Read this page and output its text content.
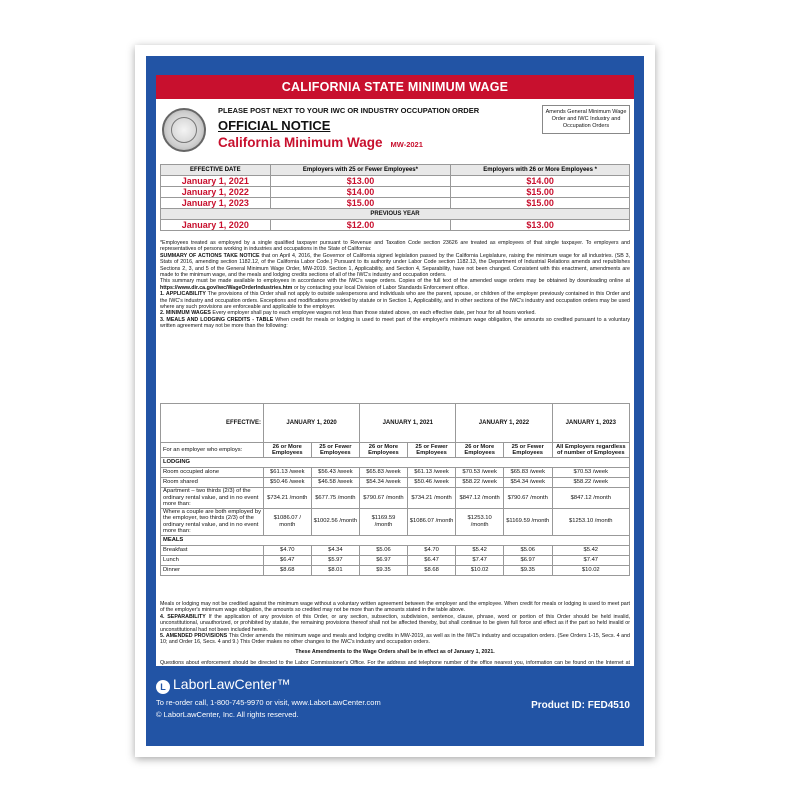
CALIFORNIA STATE MINIMUM WAGE
PLEASE POST NEXT TO YOUR IWC OR INDUSTRY OCCUPATION ORDER
OFFICIAL NOTICE
California Minimum Wage MW-2021
Amends General Minimum Wage Order and IWC Industry and Occupation Orders
EFFECTIVE DATE	Employers with 25 or Fewer Employees*	Employers with 26 or More Employees *
January 1, 2021	$13.00	$14.00
January 1, 2022	$14.00	$15.00
January 1, 2023	$15.00	$15.00
PREVIOUS YEAR		
January 1, 2020	$12.00	$13.00

*Employees treated as employed by a single qualified taxpayer pursuant to Revenue and Taxation Code section 23626 are treated as employees of that single taxpayer. To employers and representatives of persons working in industries and occupations in the State of California:

SUMMARY OF ACTIONS TAKE NOTICE that on April 4, 2016, the Governor of California signed legislation passed by the California Legislature, raising the minimum wage for all industries. (SB 3, Stats of 2016, amending section 1182.12, of the California Labor Code.) Pursuant to its authority under Labor Code section 1182.13, the Department of Industrial Relations amends and republishes Sections 2, 3, and 5 of the General Minimum Wage Order, MW-2019. Section 1, Applicability, and Section 4, Separability, have not been changed. Consistent with this enactment, amendments are made to the minimum wage, and the meals and lodging credits sections of all of the IWC's industry and occupation orders.

This summary must be made available to employees in accordance with the IWC's wage orders. Copies of the full text of the amended wage orders may be obtained by downloading online at https://www.dir.ca.gov/iwc/WageOrderIndustries.htm or by contacting your local Division of Labor Standards Enforcement office.

1. APPLICABILITY The provisions of this Order shall not apply to outside salespersons and individuals who are the parent, spouse, or children of the employer previously contained in this Order and the IWC's industry and occupation orders. Exceptions and modifications provided by statute or in Section 1, Applicability, and in other sections of the IWC's industry and occupation orders may be used where any such provisions are enforceable and applicable to the employer.

2. MINIMUM WAGES Every employer shall pay to each employee wages not less than those stated above, on each effective date, per hour for all hours worked.

3. MEALS AND LODGING CREDITS - TABLE When credit for meals or lodging is used to meet part of the employer's minimum wage obligation, the amounts so credited pursuant to a voluntary written agreement may not be more than the following:

EFFECTIVE:	JANUARY 1, 2020		JANUARY 1, 2021		JANUARY 1, 2022		JANUARY 1, 2023
For an employer who employs:	26 or More Employees	25 or Fewer Employees	26 or More Employees	25 or Fewer Employees	26 or More Employees	25 or Fewer Employees	All Employers regardless of number of Employees
LODGING							
Room occupied alone	$61.13 /week	$56.43 /week	$65.83 /week	$61.13 /week	$70.53 /week	$65.83 /week	$70.53 /week
Room shared	$50.46 /week	$46.58 /week	$54.34 /week	$50.46 /week	$58.22 /week	$54.34 /week	$58.22 /week
Apartment – two thirds (2/3) of the ordinary rental value, and in no event more than:	$734.21 /month	$677.75 /month	$790.67 /month	$734.21 /month	$847.12 /month	$790.67 /month	$847.12 /month
Where a couple are both employed by the employer, two thirds (2/3) of the ordinary rental value, and in no event more than:	$1086.07 / month	$1002.56 /month	$1169.59 /month	$1086.07 /month	$1253.10 /month	$1169.59 /month	$1253.10 /month
MEALS							
Breakfast	$4.70	$4.34	$5.06	$4.70	$5.42	$5.06	$5.42
Lunch	$6.47	$5.97	$6.97	$6.47	$7.47	$6.97	$7.47
Dinner	$8.68	$8.01	$9.35	$8.68	$10.02	$9.35	$10.02

Meals or lodging may not be credited against the minimum wage without a voluntary written agreement between the employer and the employee. When credit for meals or lodging is used to meet part of the employer's minimum wage obligation, the amounts so credited may not be more than the amounts stated in the table above.

4. SEPARABILITY If the application of any provision of this Order, or any section, subsection, subdivision, sentence, clause, phrase, word or portion of this Order should be held invalid, unconstitutional, unauthorized, or prohibited by statute, the remaining provisions thereof shall not be affected thereby, but shall continue to be given full force and effect as if the part so held invalid or unconstitutional had not been included herein.

5. AMENDED PROVISIONS This Order amends the minimum wage and meals and lodging credits in MW-2019, as well as in the IWC's industry and occupation orders. (See Orders 1-15, Secs. 4 and 10; and Order 16, Secs. 4 and 9.) This Order makes no other changes to the IWC's industry and occupation orders.

These Amendments to the Wage Orders shall be in effect as of January 1, 2021.

Questions about enforcement should be directed to the Labor Commissioner's Office. For the address and telephone number of the office nearest you, information can be found on the Internet at

L LaborLawCenter™
To re-order call, 1-800-745-9970 or visit, www.LaborLawCenter.com
© LaborLawCenter, Inc. All rights reserved.
Product ID: FED4510
